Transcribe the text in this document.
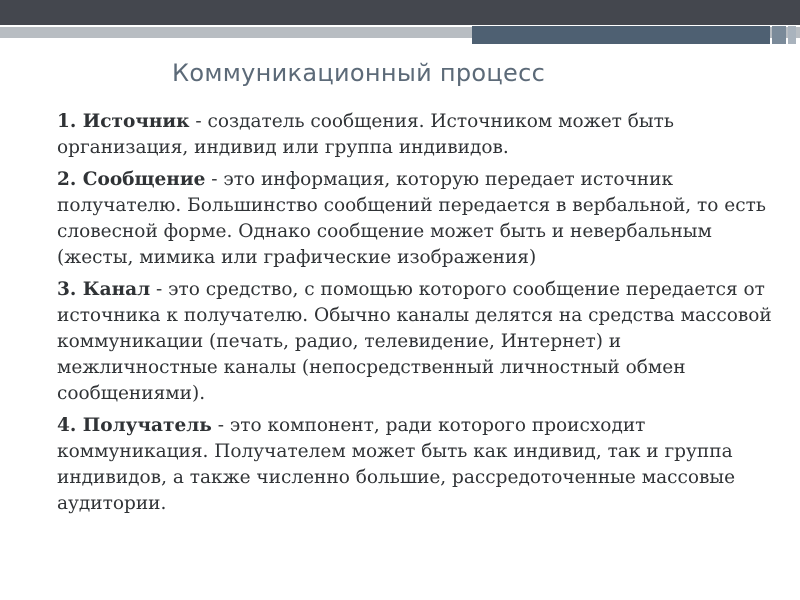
Коммуникационный процесс

1. Источник - создатель сообщения. Источником может быть организация, индивид или группа индивидов.

2. Сообщение - это информация, которую передает источник получателю. Большинство сообщений передается в вербальной, то есть словесной форме. Однако сообщение может быть и невербальным (жесты, мимика или графические изображения)

3. Канал - это средство, с помощью которого сообщение передается от источника к получателю. Обычно каналы делятся на средства массовой коммуникации (печать, радио, телевидение, Интернет) и межличностные каналы (непосредственный личностный обмен сообщениями).

4. Получатель - это компонент, ради которого происходит коммуникация. Получателем может быть как индивид, так и группа индивидов, а также численно большие, рассредоточенные массовые аудитории.
